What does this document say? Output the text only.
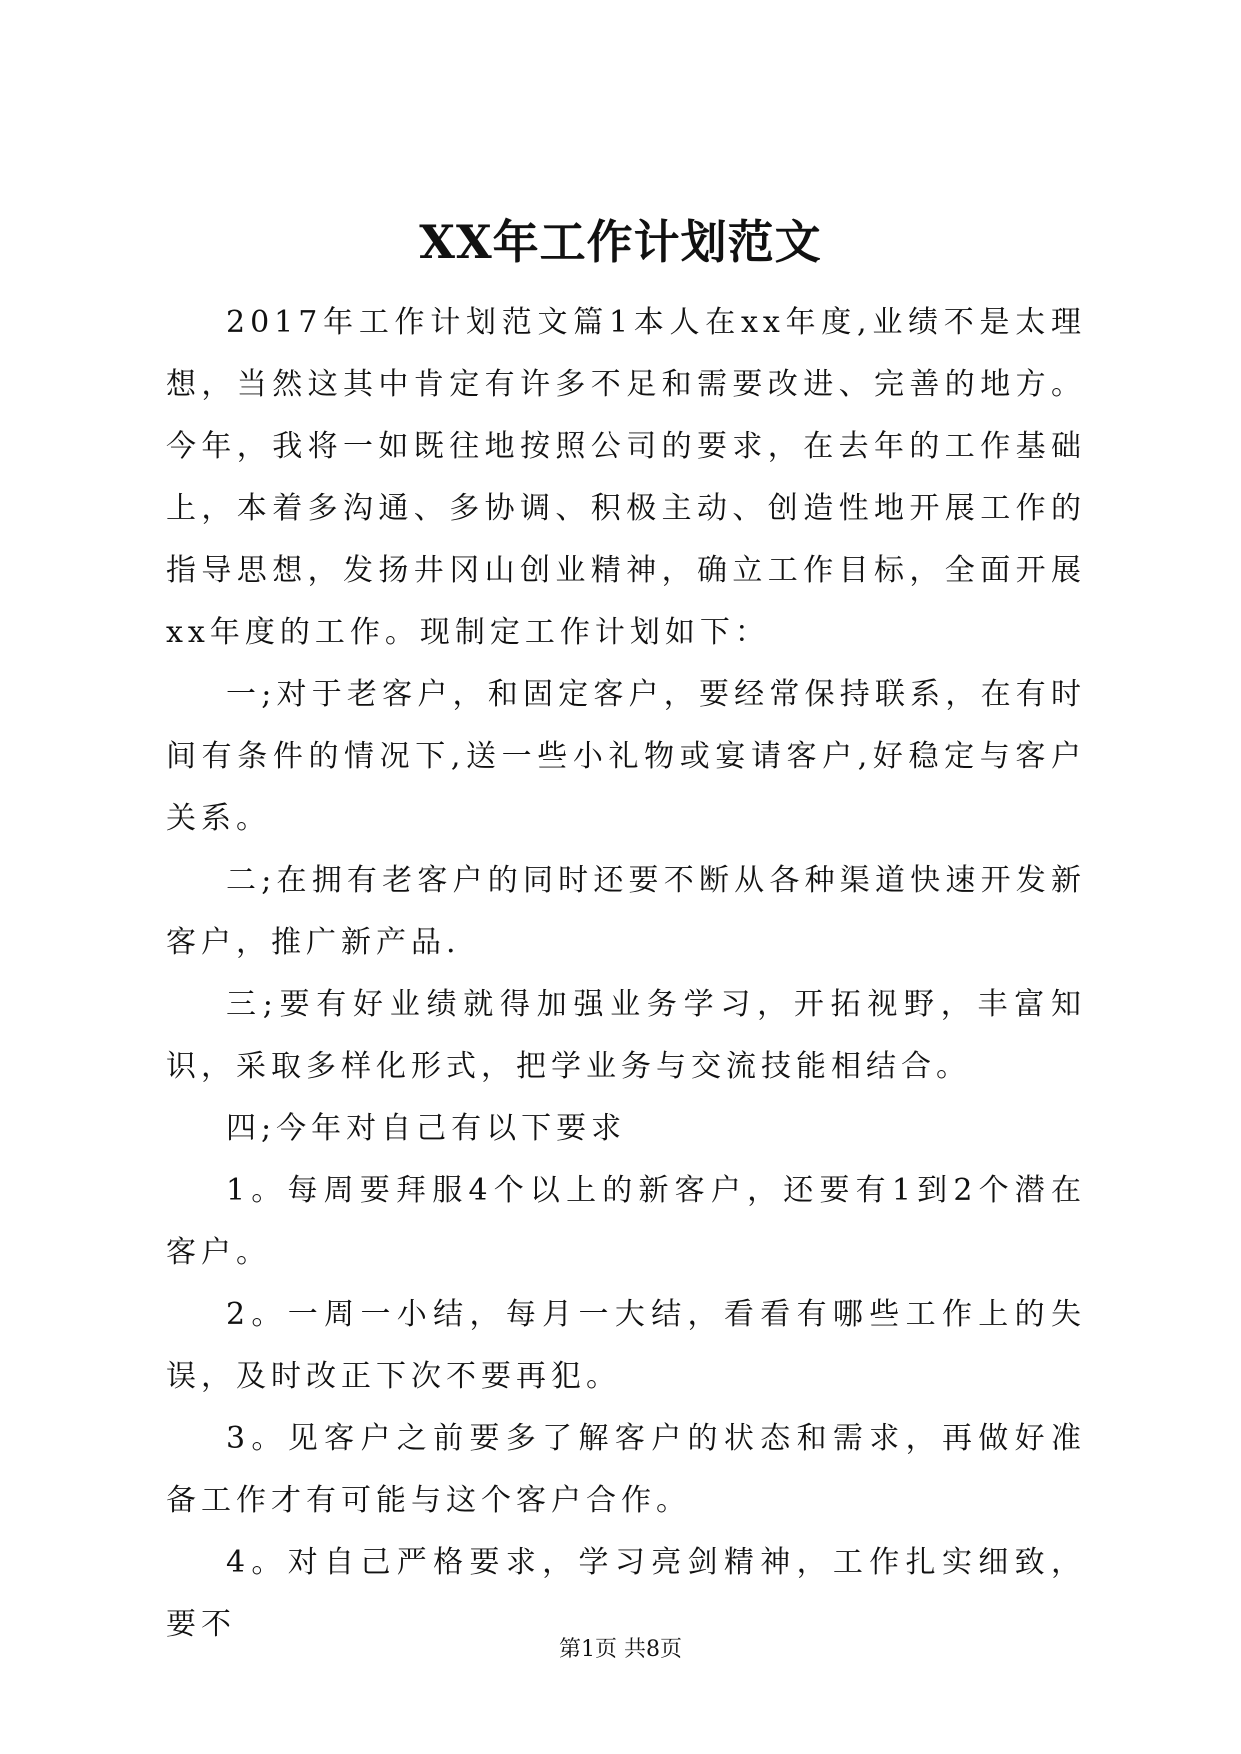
XX年工作计划范文

2017年工作计划范文篇1本人在xx年度,业绩不是太理想，当然这其中肯定有许多不足和需要改进、完善的地方。今年，我将一如既往地按照公司的要求，在去年的工作基础上，本着多沟通、多协调、积极主动、创造性地开展工作的指导思想，发扬井冈山创业精神，确立工作目标，全面开展xx年度的工作。现制定工作计划如下：

一;对于老客户，和固定客户，要经常保持联系，在有时间有条件的情况下,送一些小礼物或宴请客户,好稳定与客户关系。

二;在拥有老客户的同时还要不断从各种渠道快速开发新客户，推广新产品.

三;要有好业绩就得加强业务学习，开拓视野，丰富知识，采取多样化形式，把学业务与交流技能相结合。

四;今年对自己有以下要求

1。每周要拜服4个以上的新客户，还要有1到2个潜在客户。

2。一周一小结，每月一大结，看看有哪些工作上的失误，及时改正下次不要再犯。

3。见客户之前要多了解客户的状态和需求，再做好准备工作才有可能与这个客户合作。

4。对自己严格要求，学习亮剑精神，工作扎实细致，要不

第1页 共8页
